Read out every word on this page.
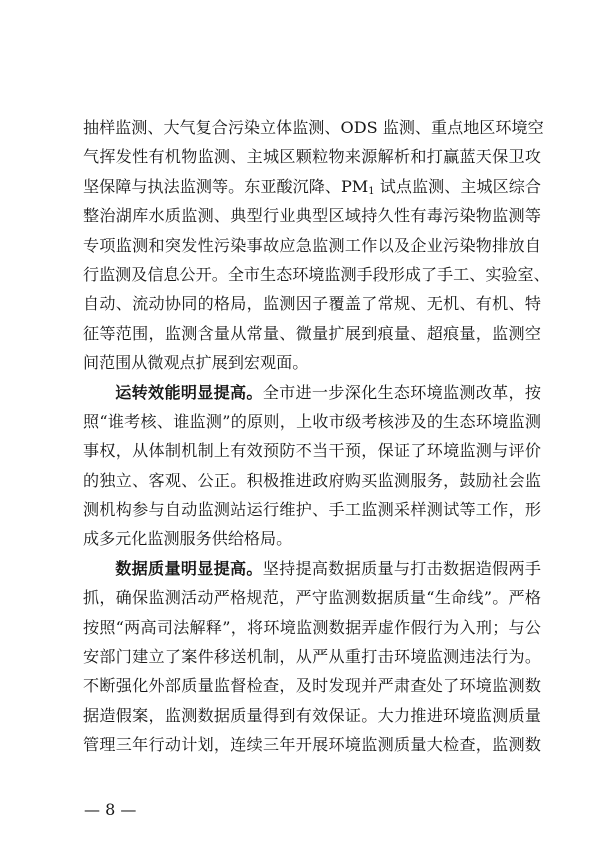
抽样监测、大气复合污染立体监测、ODS 监测、重点地区环境空
气挥发性有机物监测、主城区颗粒物来源解析和打赢蓝天保卫攻
坚保障与执法监测等。东亚酸沉降、$PM_1$ 试点监测、主城区综合
整治湖库水质监测、典型行业典型区域持久性有毒污染物监测等
专项监测和突发性污染事故应急监测工作以及企业污染物排放自
行监测及信息公开。全市生态环境监测手段形成了手工、实验室、
自动、流动协同的格局，监测因子覆盖了常规、无机、有机、特
征等范围，监测含量从常量、微量扩展到痕量、超痕量，监测空
间范围从微观点扩展到宏观面。
运转效能明显提高。全市进一步深化生态环境监测改革，按
照“谁考核、谁监测”的原则，上收市级考核涉及的生态环境监测
事权，从体制机制上有效预防不当干预，保证了环境监测与评价
的独立、客观、公正。积极推进政府购买监测服务，鼓励社会监
测机构参与自动监测站运行维护、手工监测采样测试等工作，形
成多元化监测服务供给格局。
数据质量明显提高。坚持提高数据质量与打击数据造假两手
抓，确保监测活动严格规范，严守监测数据质量“生命线”。严格
按照“两高司法解释”，将环境监测数据弄虚作假行为入刑；与公
安部门建立了案件移送机制，从严从重打击环境监测违法行为。
不断强化外部质量监督检查，及时发现并严肃查处了环境监测数
据造假案，监测数据质量得到有效保证。大力推进环境监测质量
管理三年行动计划，连续三年开展环境监测质量大检查，监测数
— 8 —
